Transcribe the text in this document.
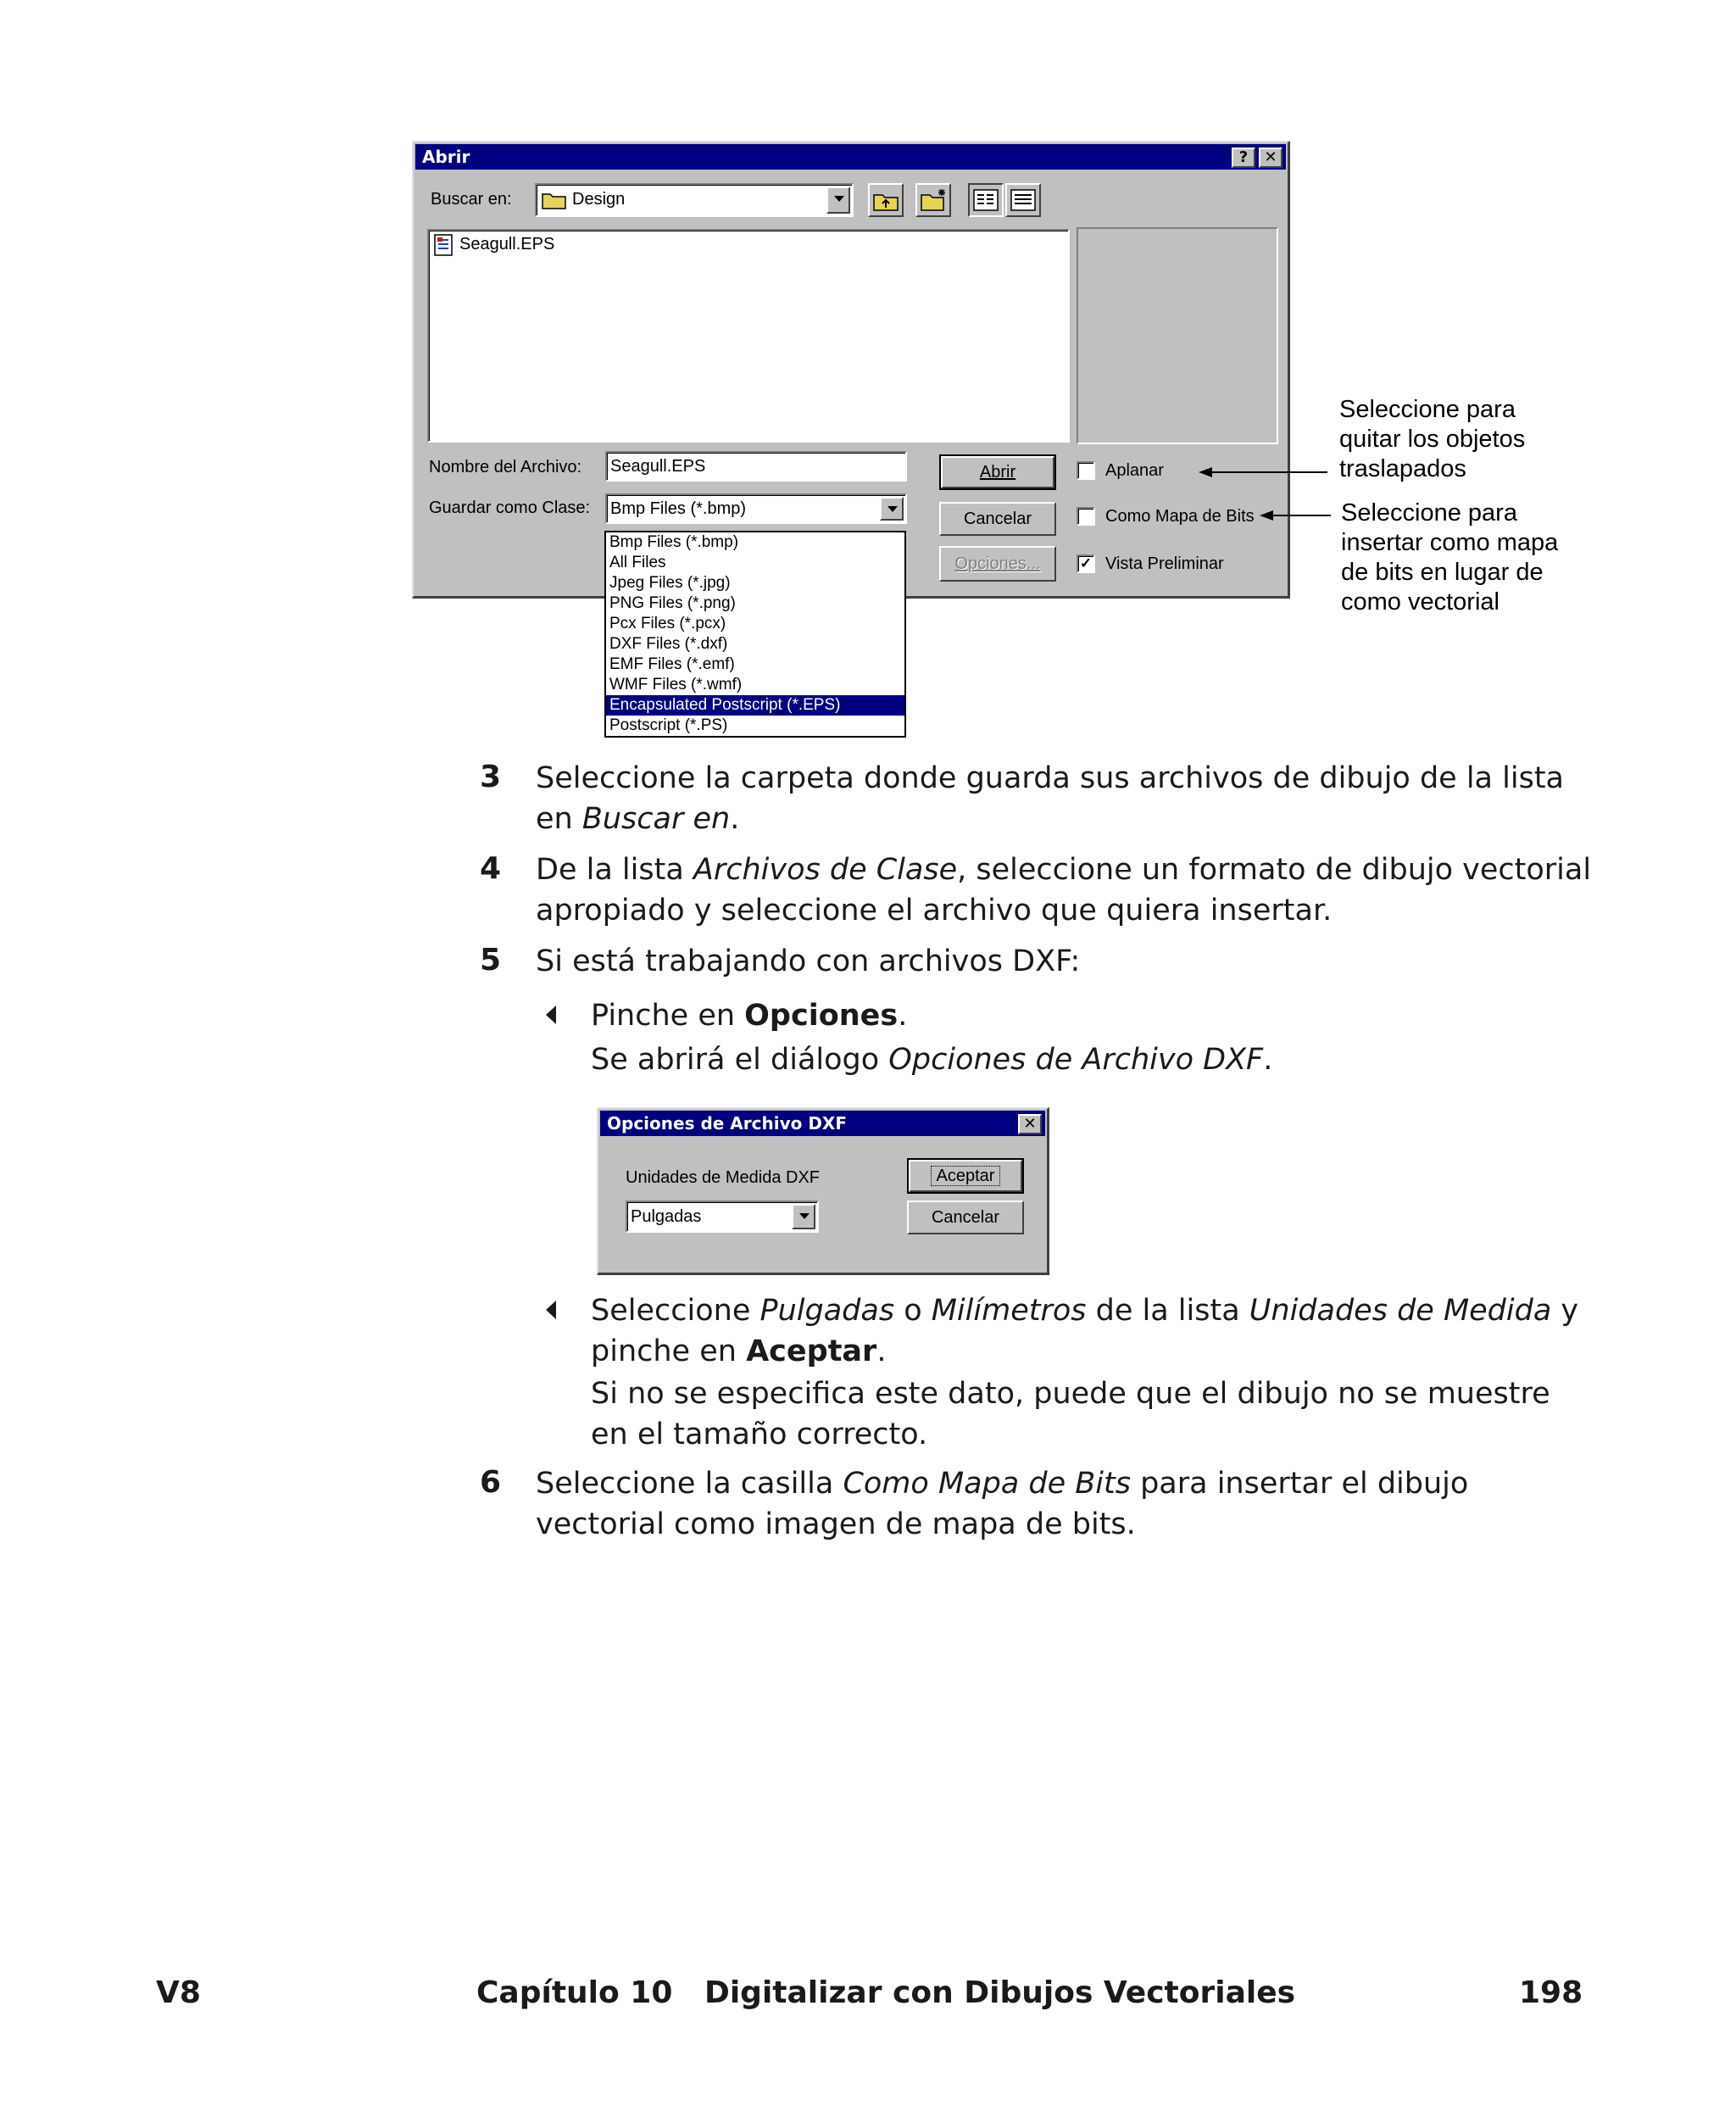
Abrir	?	✕
Buscar en:	Design
Seagull.EPS
Nombre del Archivo: Seagull.EPS
Guardar como Clase: Bmp Files (*.bmp)
Abrir
Cancelar
Opciones...
Aplanar
Como Mapa de Bits
✓ Vista Preliminar
Bmp Files (*.bmp)
All Files
Jpeg Files (*.jpg)
PNG Files (*.png)
Pcx Files (*.pcx)
DXF Files (*.dxf)
EMF Files (*.emf)
WMF Files (*.wmf)
Encapsulated Postscript (*.EPS)
Postscript (*.PS)
Seleccione para
quitar los objetos
traslapados
Seleccione para
insertar como mapa
de bits en lugar de
como vectorial
3 Seleccione la carpeta donde guarda sus archivos de dibujo de la lista en Buscar en.
4 De la lista Archivos de Clase, seleccione un formato de dibujo vectorial apropiado y seleccione el archivo que quiera insertar.
5 Si está trabajando con archivos DXF:
Pinche en Opciones.
Se abrirá el diálogo Opciones de Archivo DXF.
Opciones de Archivo DXF	✕
Unidades de Medida DXF
Pulgadas
Aceptar
Cancelar
Seleccione Pulgadas o Milímetros de la lista Unidades de Medida y pinche en Aceptar.
Si no se especifica este dato, puede que el dibujo no se muestre en el tamaño correcto.
6 Seleccione la casilla Como Mapa de Bits para insertar el dibujo vectorial como imagen de mapa de bits.
V8	Capítulo 10   Digitalizar con Dibujos Vectoriales	198
